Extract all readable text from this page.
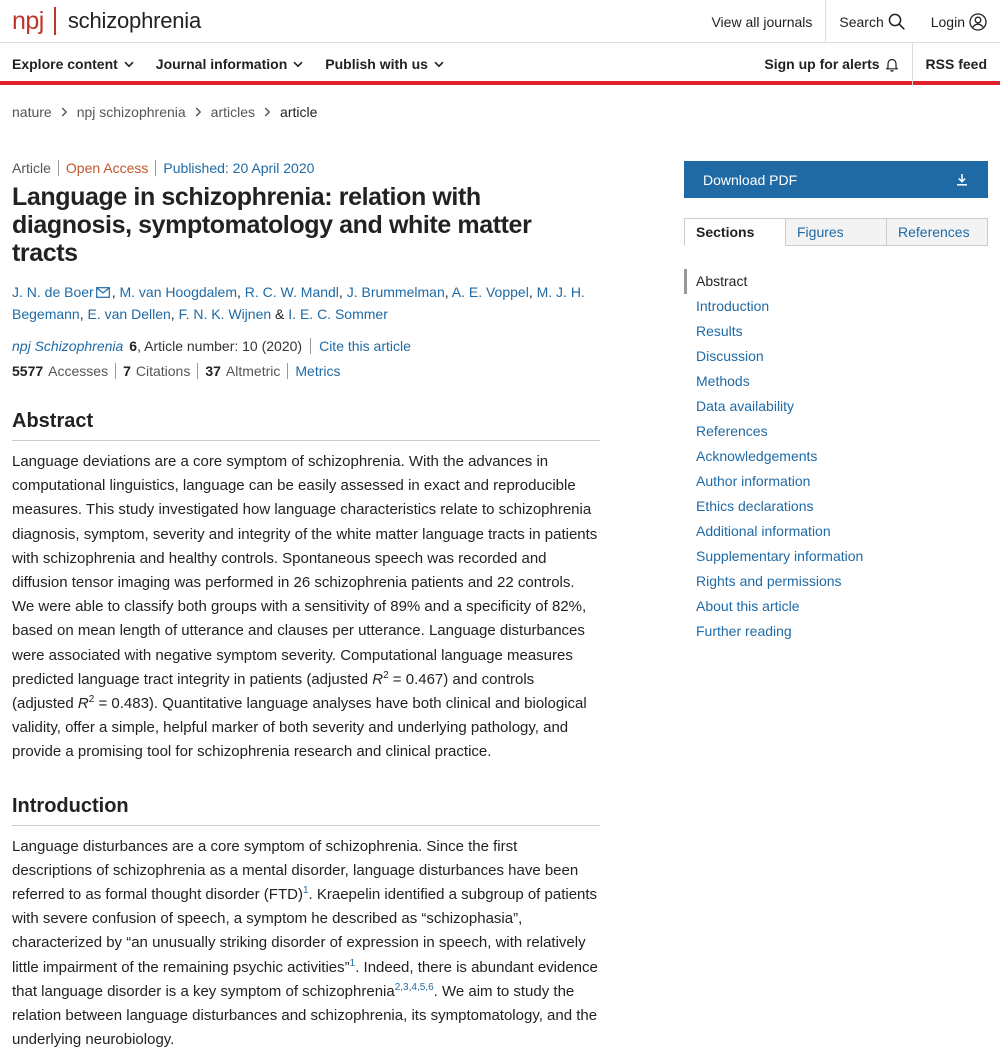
npj schizophrenia	View all journals	Search	Login
Explore content	Journal information	Publish with us	Sign up for alerts	RSS feed
nature npj schizophrenia articles article
Article	Open Access	Published: 20 April 2020
Language in schizophrenia: relation with diagnosis, symptomatology and white matter tracts
J. N. de Boer , M. van Hoogdalem, R. C. W. Mandl, J. Brummelman, A. E. Voppel, M. J. H. Begemann, E. van Dellen, F. N. K. Wijnen & I. E. C. Sommer
npj Schizophrenia 6 , Article number: 10 (2020)	Cite this article
5577 Accesses	7 Citations	37 Altmetric	Metrics
Abstract

Language deviations are a core symptom of schizophrenia. With the advances in computational linguistics, language can be easily assessed in exact and reproducible measures. This study investigated how language characteristics relate to schizophrenia diagnosis, symptom, severity and integrity of the white matter language tracts in patients with schizophrenia and healthy controls. Spontaneous speech was recorded and diffusion tensor imaging was performed in 26 schizophrenia patients and 22 controls. We were able to classify both groups with a sensitivity of 89% and a specificity of 82%, based on mean length of utterance and clauses per utterance. Language disturbances were associated with negative symptom severity. Computational language measures predicted language tract integrity in patients (adjusted $R^2 = 0.467$) and controls (adjusted $R^2 = 0.483$). Quantitative language analyses have both clinical and biological validity, offer a simple, helpful marker of both severity and underlying pathology, and provide a promising tool for schizophrenia research and clinical practice.

Introduction

Language disturbances are a core symptom of schizophrenia. Since the first descriptions of schizophrenia as a mental disorder, language disturbances have been referred to as formal thought disorder (FTD)$^1$. Kraepelin identified a subgroup of patients with severe confusion of speech, a symptom he described as “schizophasia”, characterized by “an unusually striking disorder of expression in speech, with relatively little impairment of the remaining psychic activities”$^1$. Indeed, there is abundant evidence that language disorder is a key symptom of schizophrenia$^{2,3,4,5,6}$. We aim to study the relation between language disturbances and schizophrenia, its symptomatology, and the underlying neurobiology.

Download PDF
Sections	Figures	References
Abstract
Introduction
Results
Discussion
Methods
Data availability
References
Acknowledgements
Author information
Ethics declarations
Additional information
Supplementary information
Rights and permissions
About this article
Further reading
